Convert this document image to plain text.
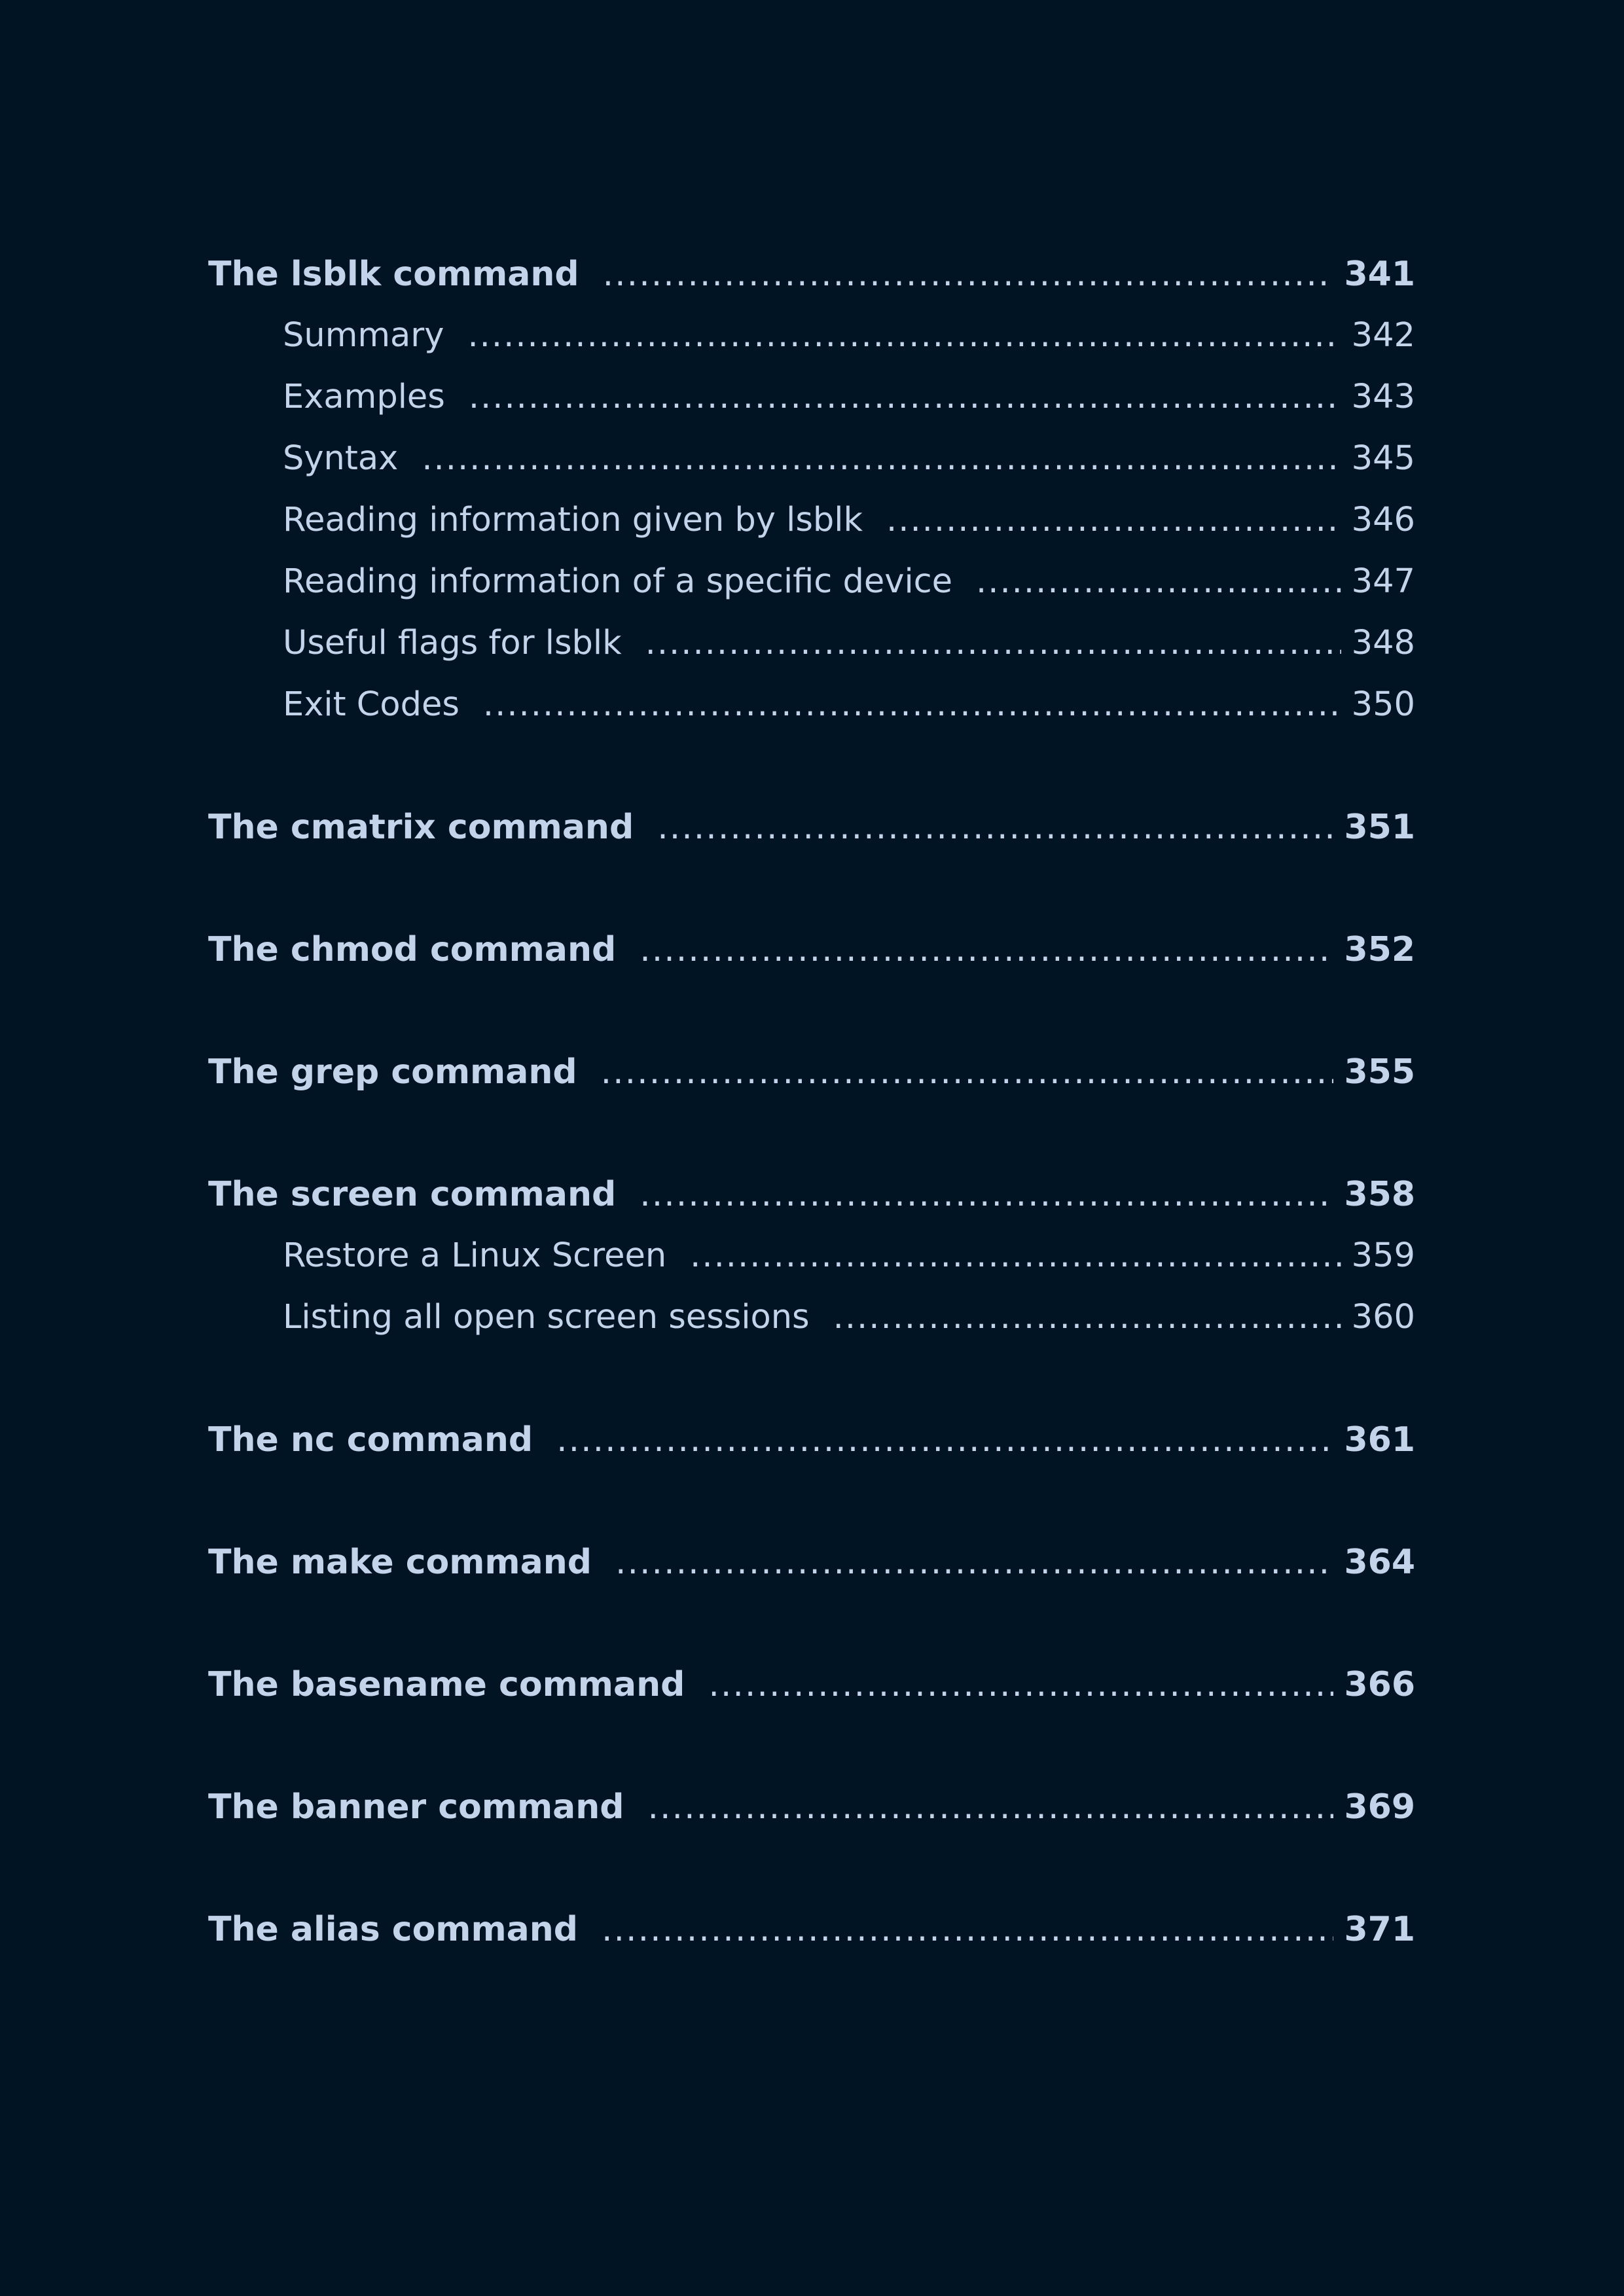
The lsblk command .....	341
Summary .....	342
Examples .....	343
Syntax .....	345
Reading information given by lsblk .....	346
Reading information of a specific device .....	347
Useful flags for lsblk .....	348
Exit Codes .....	350
The cmatrix command .....	351
The chmod command .....	352
The grep command .....	355
The screen command .....	358
Restore a Linux Screen .....	359
Listing all open screen sessions .....	360
The nc command .....	361
The make command .....	364
The basename command .....	366
The banner command .....	369
The alias command .....	371
